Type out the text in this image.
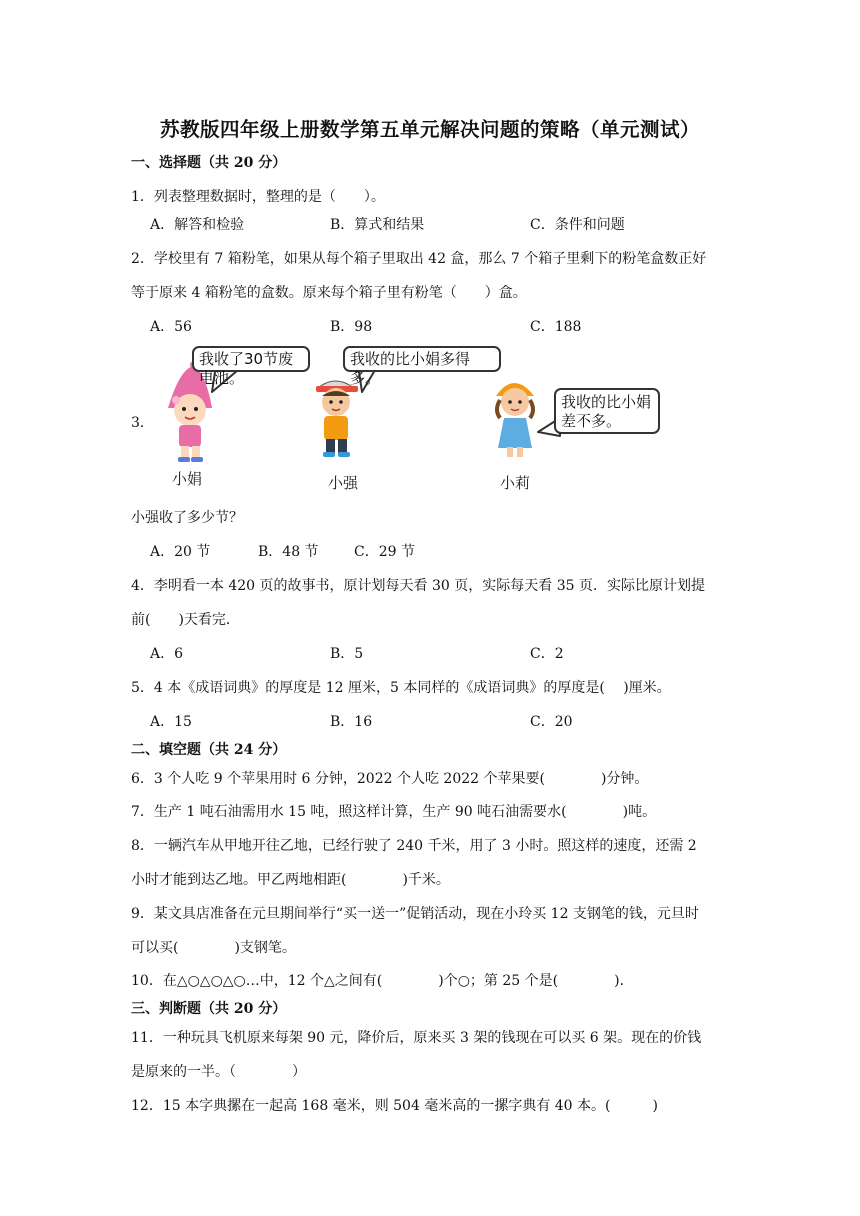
苏教版四年级上册数学第五单元解决问题的策略（单元测试）
一、选择题（共 20 分）
1．列表整理数据时，整理的是（　　）。
A．解答和检验	B．算式和结果	C．条件和问题
2．学校里有 7 箱粉笔，如果从每个箱子里取出 42 盒，那么 7 个箱子里剩下的粉笔盒数正好
等于原来 4 箱粉笔的盒数。原来每个箱子里有粉笔（　　）盒。
A．56	B．98	C．188
3．
我收了30节废电池。
我收的比小娟多得多。
我收的比小娟
差不多。
小娟	小强	小莉
小强收了多少节？
A．20 节	B．48 节	C．29 节
4．李明看一本 420 页的故事书，原计划每天看 30 页，实际每天看 35 页．实际比原计划提
前(　　)天看完．
A．6	B．5	C．2
5．4 本《成语词典》的厚度是 12 厘米，5 本同样的《成语词典》的厚度是(　 )厘米。
A．15	B．16	C．20
二、填空题（共 24 分）
6．3 个人吃 9 个苹果用时 6 分钟，2022 个人吃 2022 个苹果要(　　　　)分钟。
7．生产 1 吨石油需用水 15 吨，照这样计算，生产 90 吨石油需要水(　　　　)吨。
8．一辆汽车从甲地开往乙地，已经行驶了 240 千米，用了 3 小时。照这样的速度，还需 2
小时才能到达乙地。甲乙两地相距(　　　　)千米。
9．某文具店准备在元旦期间举行“买一送一”促销活动，现在小玲买 12 支钢笔的钱，元旦时
可以买(　　　　)支钢笔。
10．在△○△○△○…中，12 个△之间有(　　　　)个○；第 25 个是(　　　　)．
三、判断题（共 20 分）
11．一种玩具飞机原来每架 90 元，降价后，原来买 3 架的钱现在可以买 6 架。现在的价钱
是原来的一半。（　　　　）
12．15 本字典摞在一起高 168 毫米，则 504 毫米高的一摞字典有 40 本。(　　　)
